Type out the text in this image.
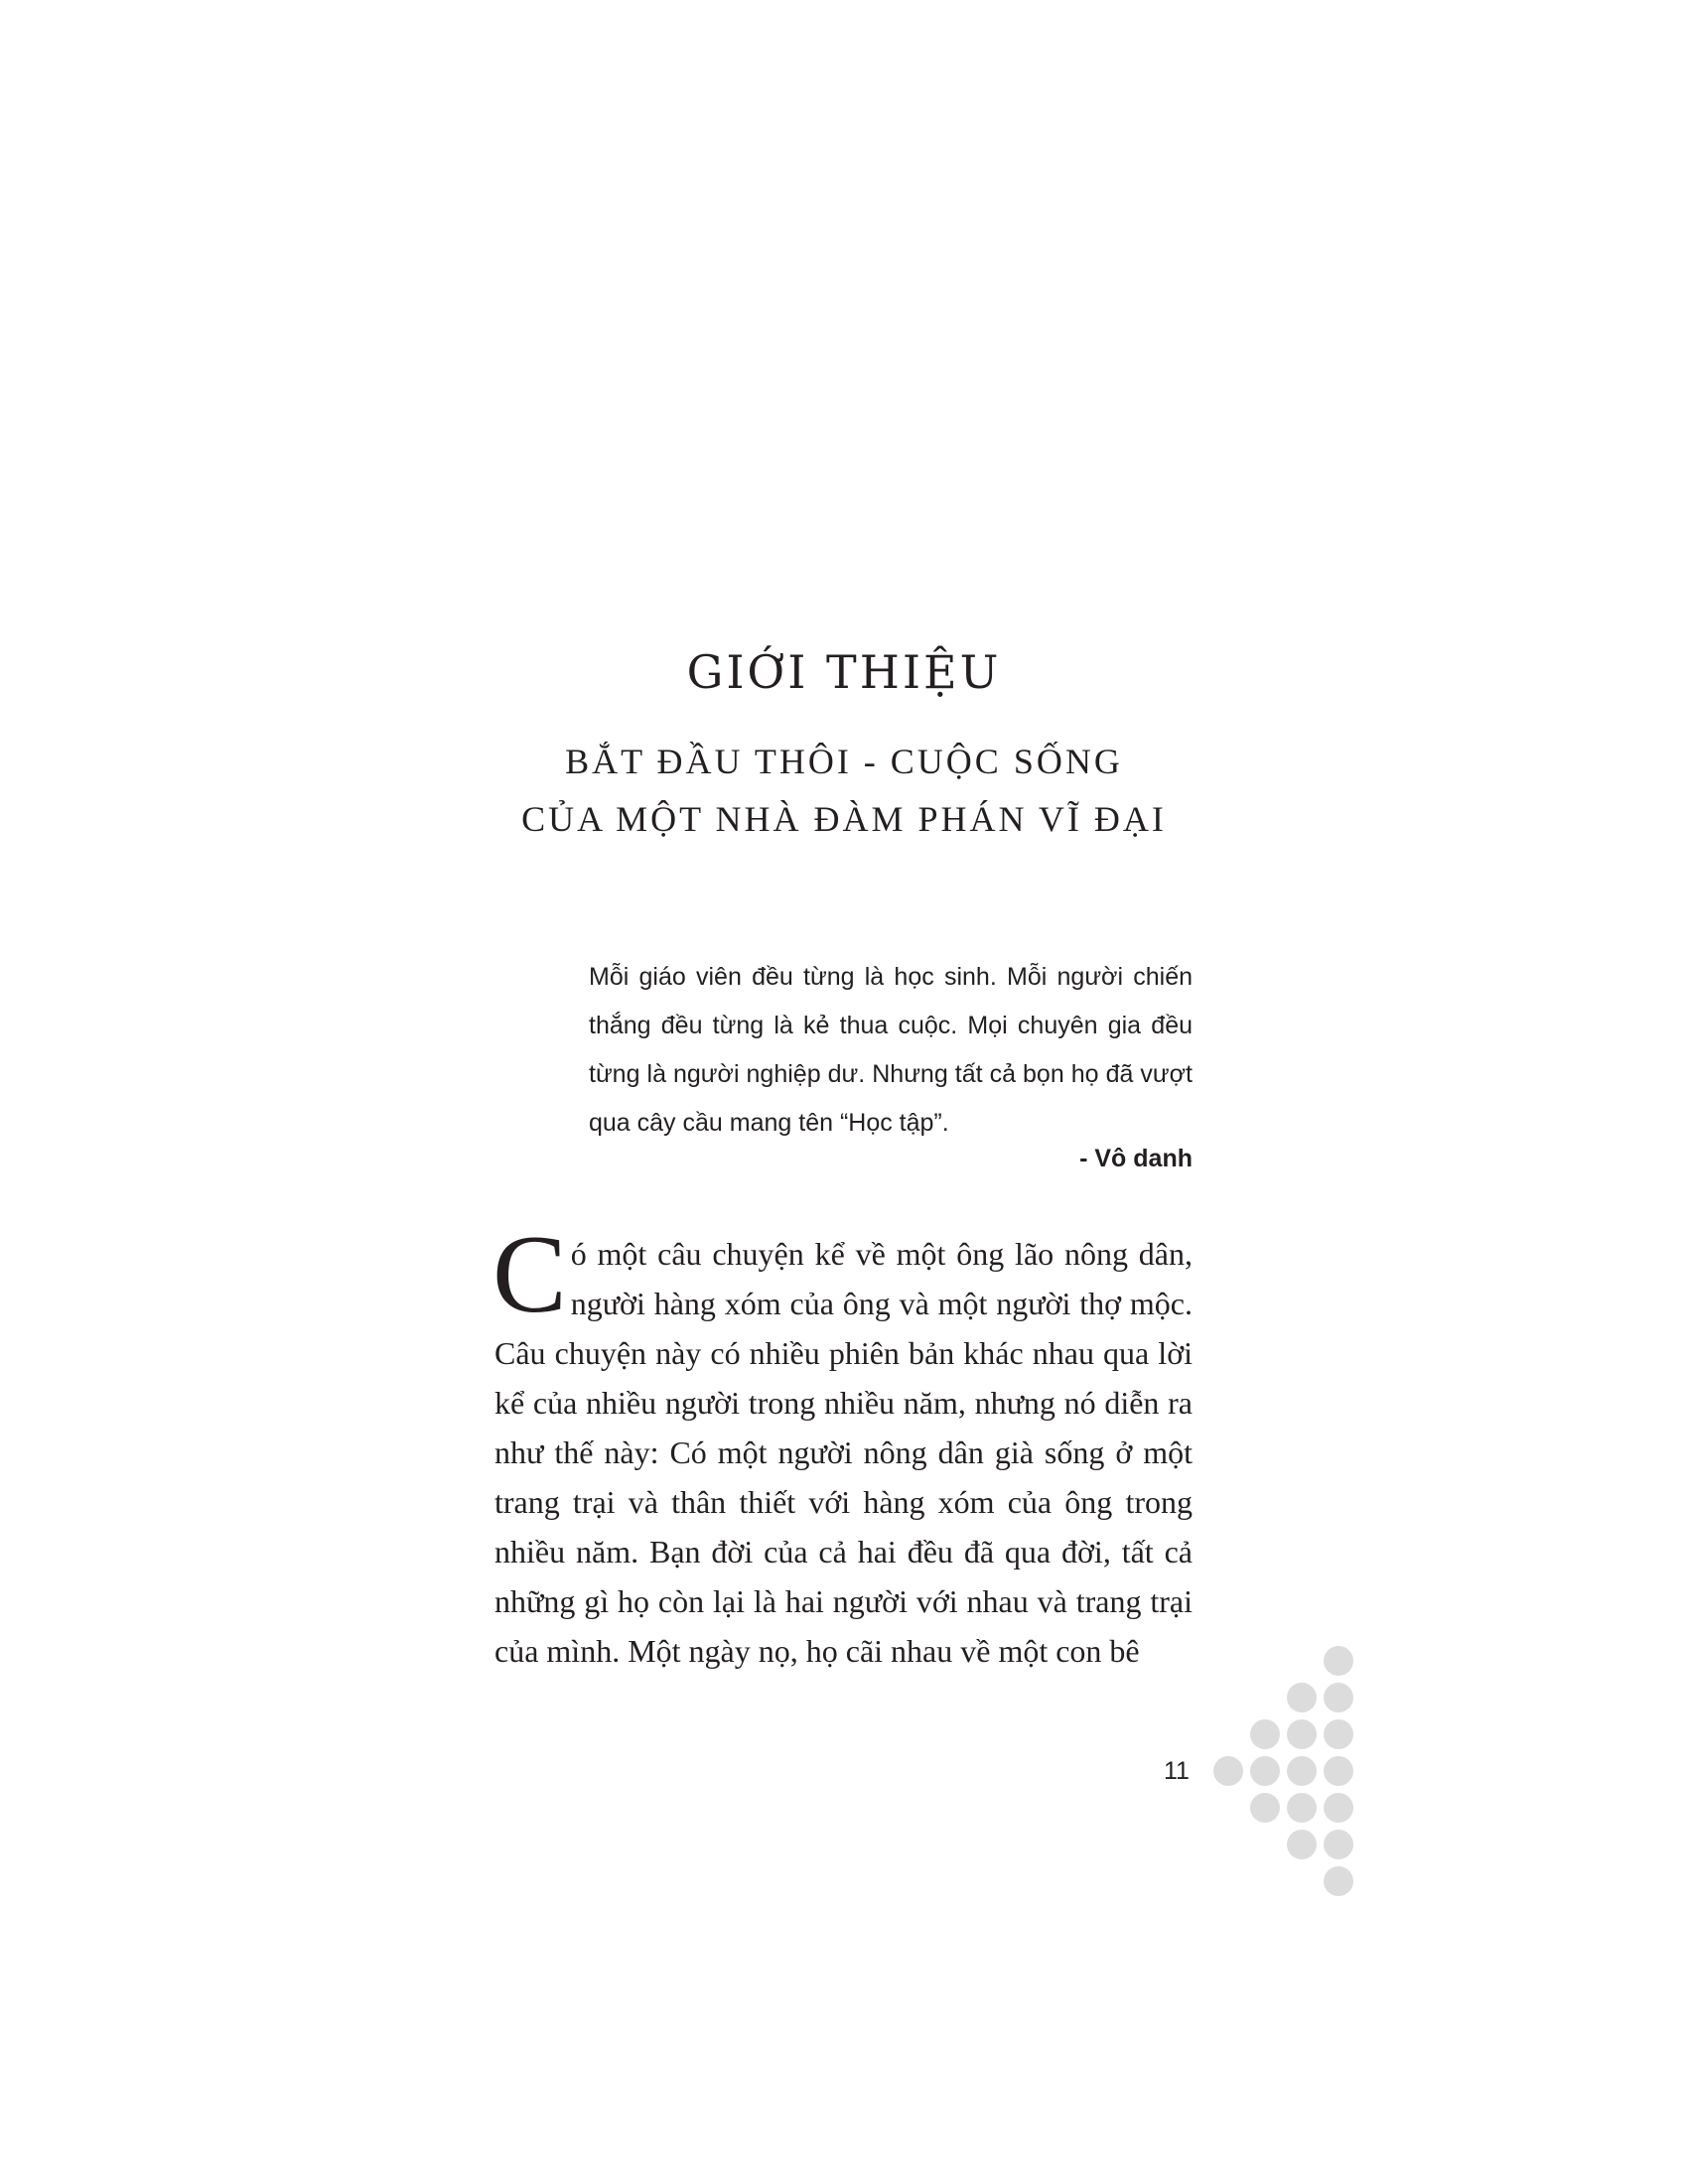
GIỚI THIỆU
BẮT ĐẦU THÔI - CUỘC SỐNG
CỦA MỘT NHÀ ĐÀM PHÁN VĨ ĐẠI

Mỗi giáo viên đều từng là học sinh. Mỗi người chiến thắng đều từng là kẻ thua cuộc. Mọi chuyên gia đều từng là người nghiệp dư. Nhưng tất cả bọn họ đã vượt qua cây cầu mang tên “Học tập”.

- Vô danh

Có một câu chuyện kể về một ông lão nông dân, người hàng xóm của ông và một người thợ mộc. Câu chuyện này có nhiều phiên bản khác nhau qua lời kể của nhiều người trong nhiều năm, nhưng nó diễn ra như thế này: Có một người nông dân già sống ở một trang trại và thân thiết với hàng xóm của ông trong nhiều năm. Bạn đời của cả hai đều đã qua đời, tất cả những gì họ còn lại là hai người với nhau và trang trại của mình. Một ngày nọ, họ cãi nhau về một con bê

11
